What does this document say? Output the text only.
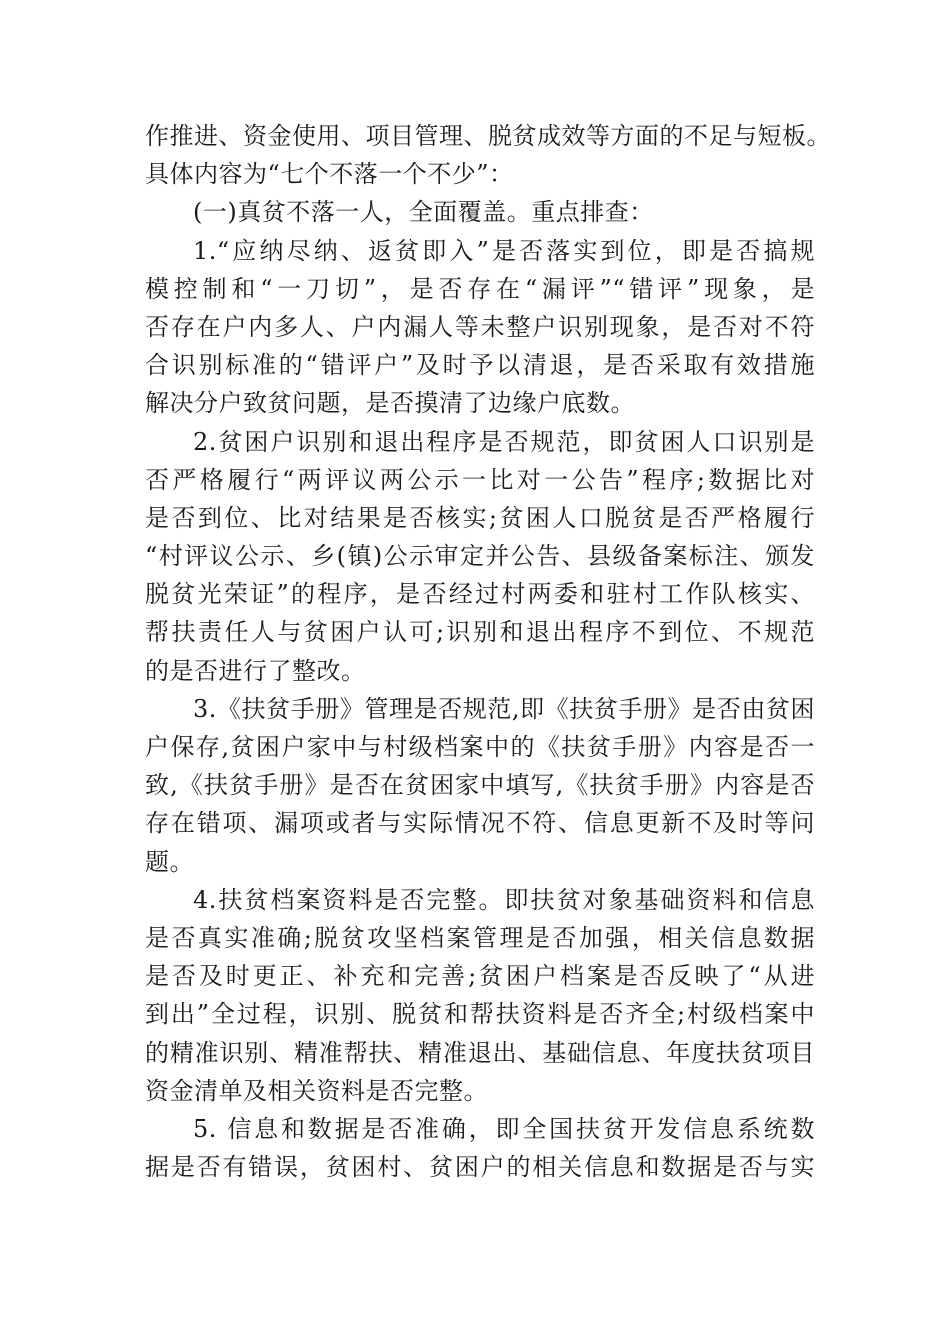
作推进、资金使用、项目管理、脱贫成效等方面的不足与短板。
具体内容为“七个不落一个不少”：
(一)真贫不落一人，全面覆盖。重点排查：
1.“应纳尽纳、返贫即入”是否落实到位，即是否搞规
模控制和“一刀切”，是否存在“漏评”“错评”现象，是
否存在户内多人、户内漏人等未整户识别现象，是否对不符
合识别标准的“错评户”及时予以清退，是否采取有效措施
解决分户致贫问题，是否摸清了边缘户底数。
2.贫困户识别和退出程序是否规范，即贫困人口识别是
否严格履行“两评议两公示一比对一公告”程序;数据比对
是否到位、比对结果是否核实;贫困人口脱贫是否严格履行
“村评议公示、乡(镇)公示审定并公告、县级备案标注、颁发
脱贫光荣证”的程序，是否经过村两委和驻村工作队核实、
帮扶责任人与贫困户认可;识别和退出程序不到位、不规范
的是否进行了整改。
3.《扶贫手册》管理是否规范,即《扶贫手册》是否由贫困
户保存,贫困户家中与村级档案中的《扶贫手册》内容是否一
致,《扶贫手册》是否在贫困家中填写,《扶贫手册》内容是否
存在错项、漏项或者与实际情况不符、信息更新不及时等问
题。
4.扶贫档案资料是否完整。即扶贫对象基础资料和信息
是否真实准确;脱贫攻坚档案管理是否加强，相关信息数据
是否及时更正、补充和完善;贫困户档案是否反映了“从进
到出”全过程，识别、脱贫和帮扶资料是否齐全;村级档案中
的精准识别、精准帮扶、精准退出、基础信息、年度扶贫项目
资金清单及相关资料是否完整。
5. 信息和数据是否准确，即全国扶贫开发信息系统数
据是否有错误，贫困村、贫困户的相关信息和数据是否与实
